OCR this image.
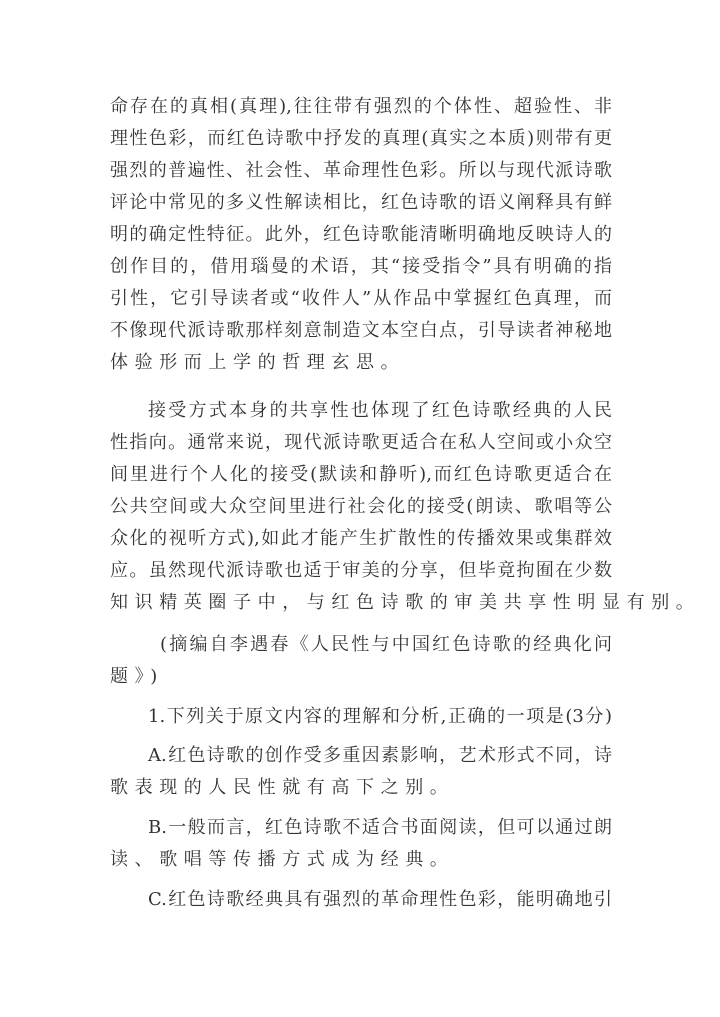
命存在的真相(真理),往往带有强烈的个体性、超验性、非
理性色彩，而红色诗歌中抒发的真理(真实之本质)则带有更
强烈的普遍性、社会性、革命理性色彩。所以与现代派诗歌
评论中常见的多义性解读相比，红色诗歌的语义阐释具有鲜
明的确定性特征。此外，红色诗歌能清晰明确地反映诗人的
创作目的，借用瑙曼的术语，其“接受指令”具有明确的指
引性，它引导读者或“收件人”从作品中掌握红色真理，而
不像现代派诗歌那样刻意制造文本空白点，引导读者神秘地
体验形而上学的哲理玄思。
接受方式本身的共享性也体现了红色诗歌经典的人民
性指向。通常来说，现代派诗歌更适合在私人空间或小众空
间里进行个人化的接受(默读和静听),而红色诗歌更适合在
公共空间或大众空间里进行社会化的接受(朗读、歌唱等公
众化的视听方式),如此才能产生扩散性的传播效果或集群效
应。虽然现代派诗歌也适于审美的分享，但毕竟拘囿在少数
知识精英圈子中，与红色诗歌的审美共享性明显有别。
(摘编自李遇春《人民性与中国红色诗歌的经典化问
题》)
1.下列关于原文内容的理解和分析,正确的一项是(3分)
A.红色诗歌的创作受多重因素影响，艺术形式不同，诗
歌表现的人民性就有高下之别。
B.一般而言，红色诗歌不适合书面阅读，但可以通过朗
读、歌唱等传播方式成为经典。
C.红色诗歌经典具有强烈的革命理性色彩，能明确地引
